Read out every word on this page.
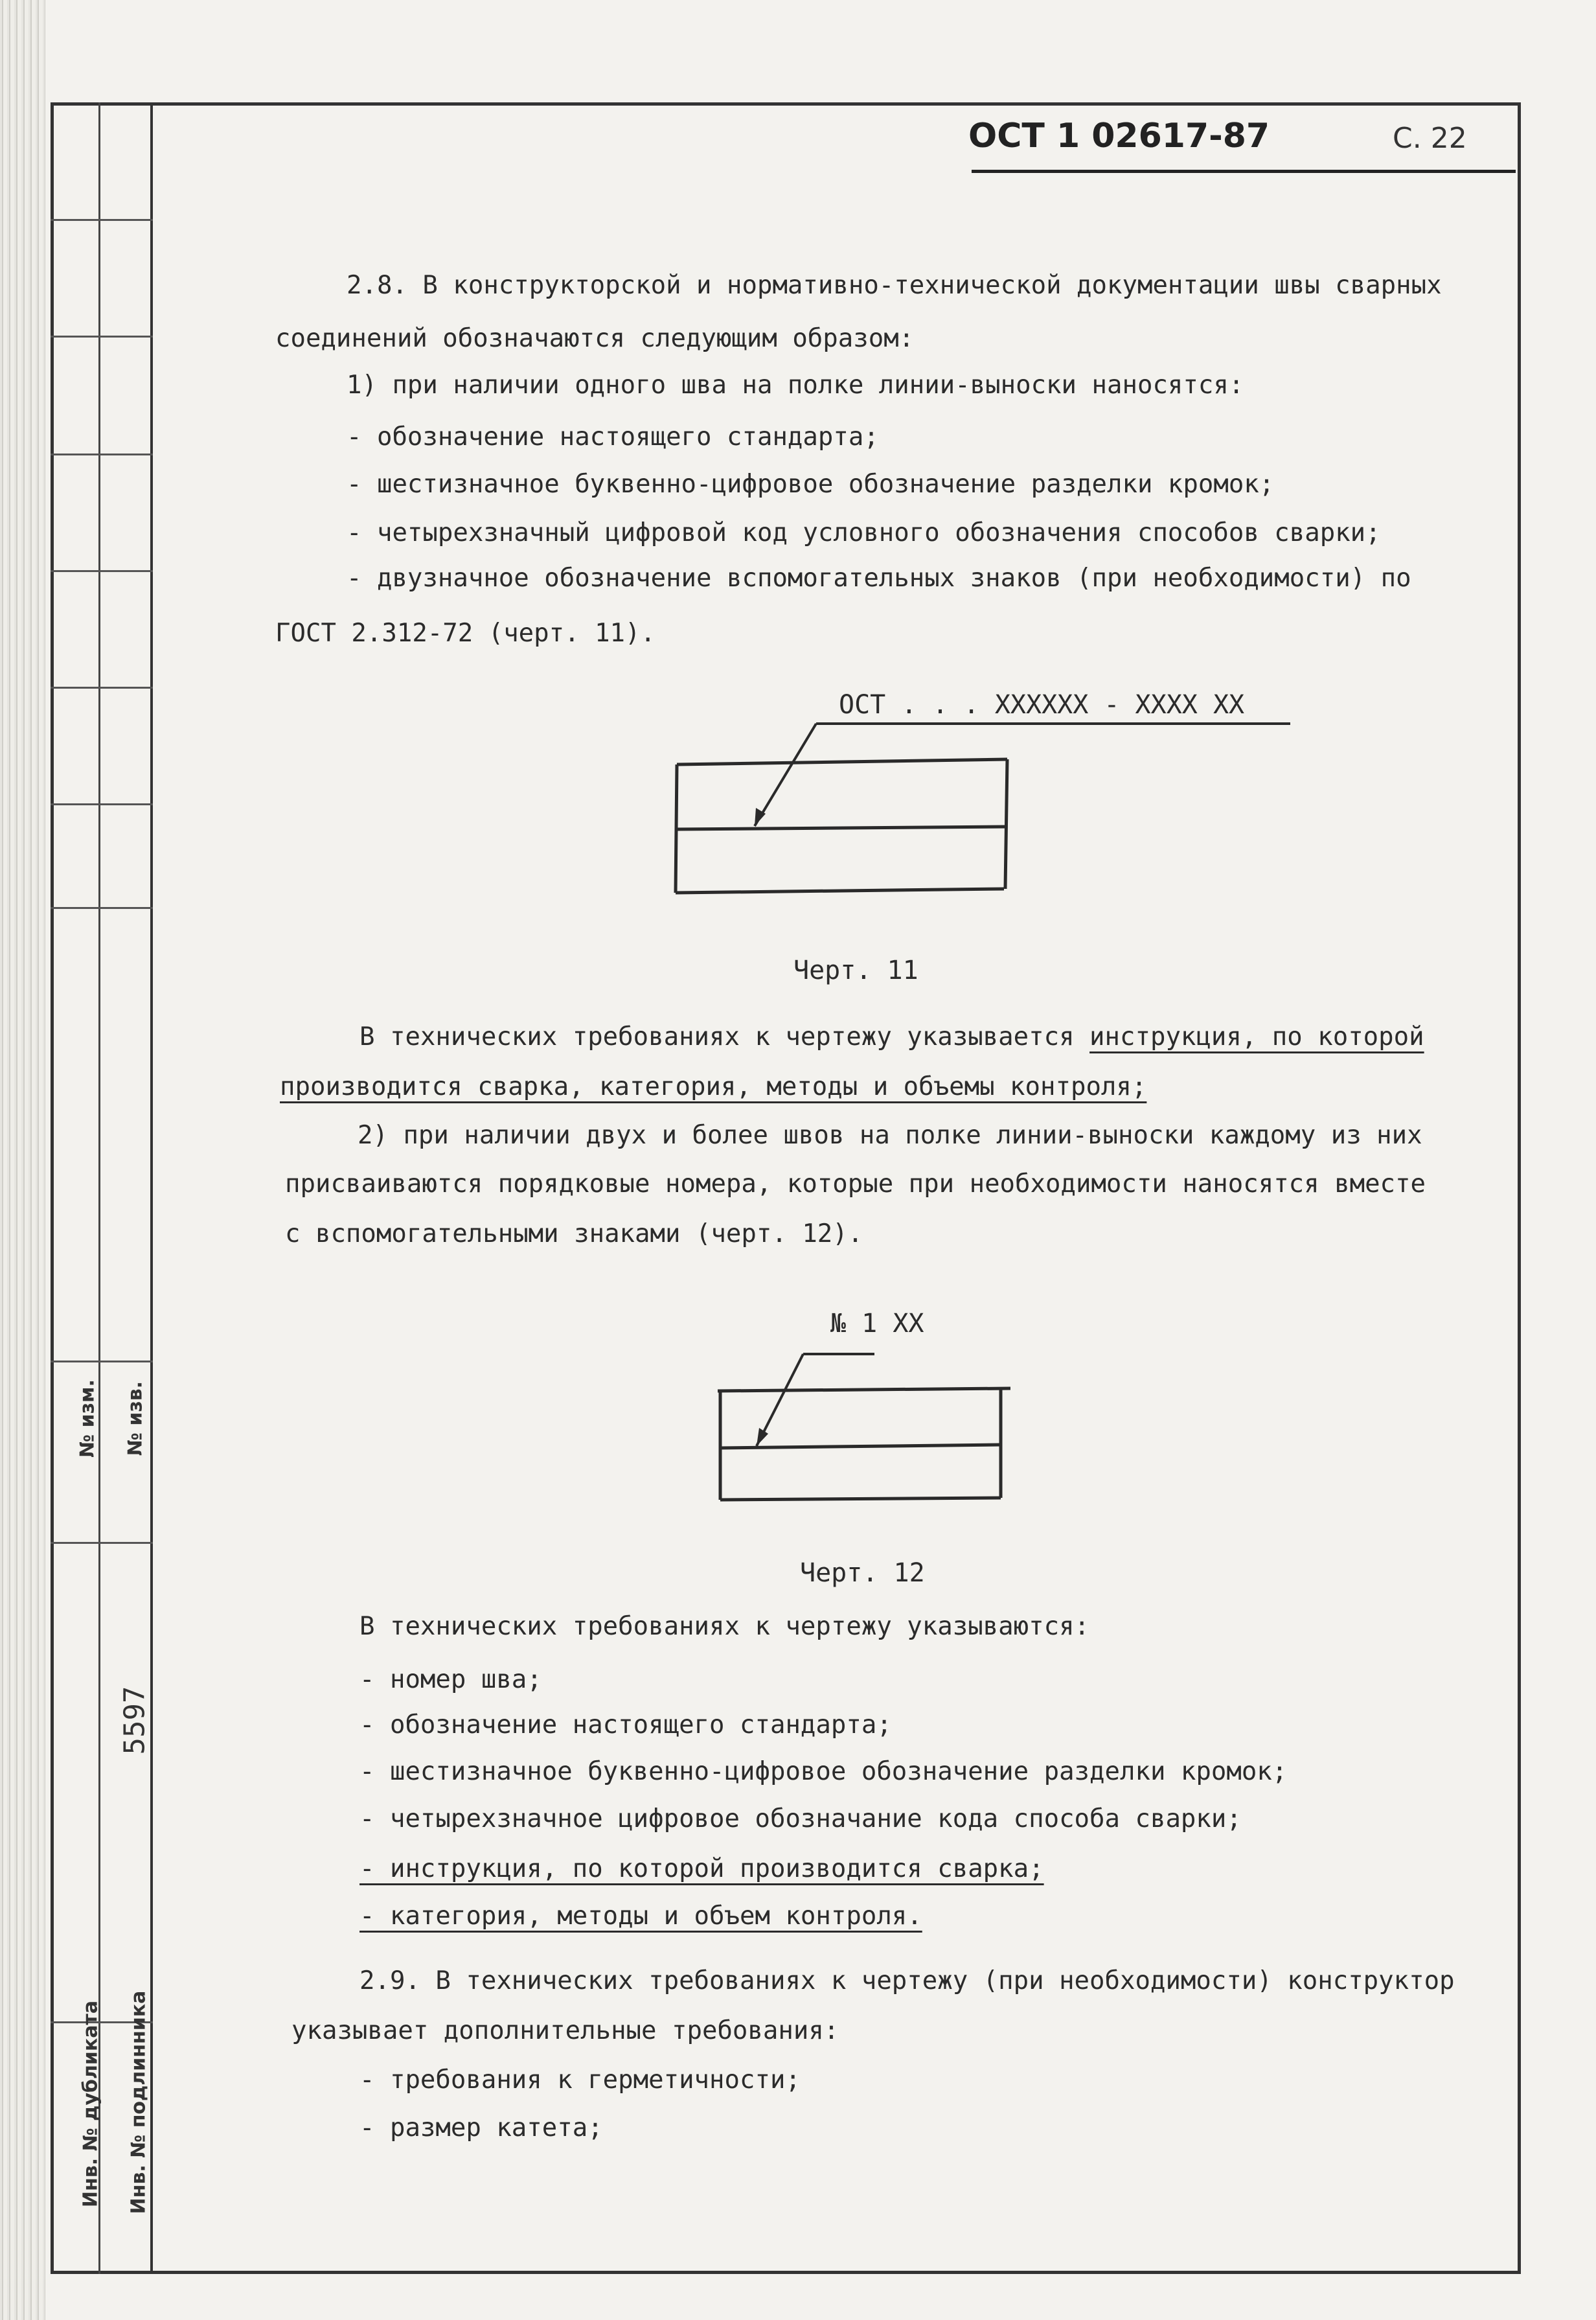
№ изм. № изв.
5597
Инв. № дубликата Инв. № подлинника
ОСТ 1 02617-87	С. 22
2.8. В конструкторской и нормативно-технической документации швы сварных
соединений обозначаются следующим образом:
1) при наличии одного шва на полке линии-выноски наносятся:
- обозначение настоящего стандарта;
- шестизначное буквенно-цифровое обозначение разделки кромок;
- четырехзначный цифровой код условного обозначения способов сварки;
- двузначное обозначение вспомогательных знаков (при необходимости) по
ГОСТ 2.312-72 (черт. 11).
ОСТ . . . XXXXXX - XXXX XX
Черт. 11
В технических требованиях к чертежу указывается инструкция, по которой
производится сварка, категория, методы и объемы контроля;
2) при наличии двух и более швов на полке линии-выноски каждому из них
присваиваются порядковые номера, которые при необходимости наносятся вместе
с вспомогательными знаками (черт. 12).
№ 1 XX
Черт. 12
В технических требованиях к чертежу указываются:
- номер шва;
- обозначение настоящего стандарта;
- шестизначное буквенно-цифровое обозначение разделки кромок;
- четырехзначное цифровое обозначание кода способа сварки;
- инструкция, по которой производится сварка;
- категория, методы и объем контроля.
2.9. В технических требованиях к чертежу (при необходимости) конструктор
указывает дополнительные требования:
- требования к герметичности;
- размер катета;
